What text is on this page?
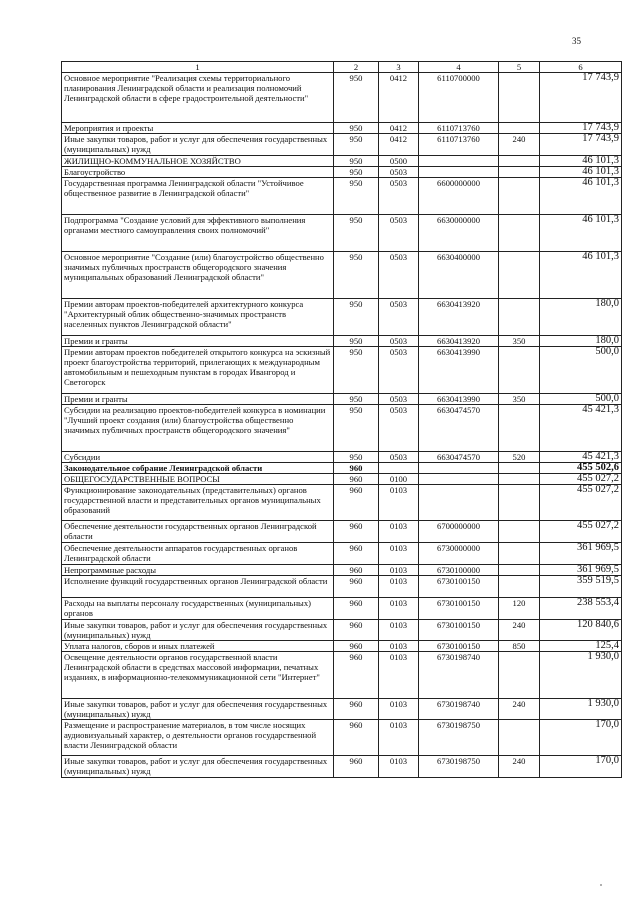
35
1	2	3	4	5	6
Основное мероприятие "Реализация схемы территориального планирования Ленинградской области и реализация полномочий Ленинградской области в сфере градостроительной деятельности"	950	0412	6110700000		17 743,9
Мероприятия и проекты	950	0412	6110713760		17 743,9
Иные закупки товаров, работ и услуг для обеспечения государственных (муниципальных) нужд	950	0412	6110713760	240	17 743,9
ЖИЛИЩНО-КОММУНАЛЬНОЕ ХОЗЯЙСТВО	950	0500			46 101,3
Благоустройство	950	0503			46 101,3
Государственная программа Ленинградской области "Устойчивое общественное развитие в Ленинградской области"	950	0503	6600000000		46 101,3
Подпрограмма "Создание условий для эффективного выполнения органами местного самоуправления своих полномочий"	950	0503	6630000000		46 101,3
Основное мероприятие "Создание (или) благоустройство общественно значимых публичных пространств общегородского значения муниципальных образований Ленинградской области"	950	0503	6630400000		46 101,3
Премии авторам проектов-победителей архитектурного конкурса "Архитектурный облик общественно-значимых пространств населенных пунктов Ленинградской области"	950	0503	6630413920		180,0
Премии и гранты	950	0503	6630413920	350	180,0
Премии авторам проектов победителей открытого конкурса на эскизный проект благоустройства территорий, прилегающих к международным автомобильным и пешеходным пунктам в городах Ивангород и Светогорск	950	0503	6630413990		500,0
Премии и гранты	950	0503	6630413990	350	500,0
Субсидии на реализацию проектов-победителей конкурса в номинации "Лучший проект создания (или) благоустройства общественно значимых публичных пространств общегородского значения"	950	0503	6630474570		45 421,3
Субсидии	950	0503	6630474570	520	45 421,3
Законодательное собрание Ленинградской области	960				455 502,6
ОБЩЕГОСУДАРСТВЕННЫЕ ВОПРОСЫ	960	0100			455 027,2
Функционирование законодательных (представительных) органов государственной власти и представительных органов муниципальных образований	960	0103			455 027,2
Обеспечение деятельности государственных органов Ленинградской области	960	0103	6700000000		455 027,2
Обеспечение деятельности аппаратов государственных органов Ленинградской области	960	0103	6730000000		361 969,5
Непрограммные расходы	960	0103	6730100000		361 969,5
Исполнение функций государственных органов Ленинградской области	960	0103	6730100150		359 519,5
Расходы на выплаты персоналу государственных (муниципальных) органов	960	0103	6730100150	120	238 553,4
Иные закупки товаров, работ и услуг для обеспечения государственных (муниципальных) нужд	960	0103	6730100150	240	120 840,6
Уплата налогов, сборов и иных платежей	960	0103	6730100150	850	125,4
Освещение деятельности органов государственной власти Ленинградской области в средствах массовой информации, печатных изданиях, в информационно-телекоммуникационной сети "Интернет"	960	0103	6730198740		1 930,0
Иные закупки товаров, работ и услуг для обеспечения государственных (муниципальных) нужд	960	0103	6730198740	240	1 930,0
Размещение и распространение материалов, в том числе носящих аудиовизуальный характер, о деятельности органов государственной власти Ленинградской области	960	0103	6730198750		170,0
Иные закупки товаров, работ и услуг для обеспечения государственных (муниципальных) нужд	960	0103	6730198750	240	170,0
